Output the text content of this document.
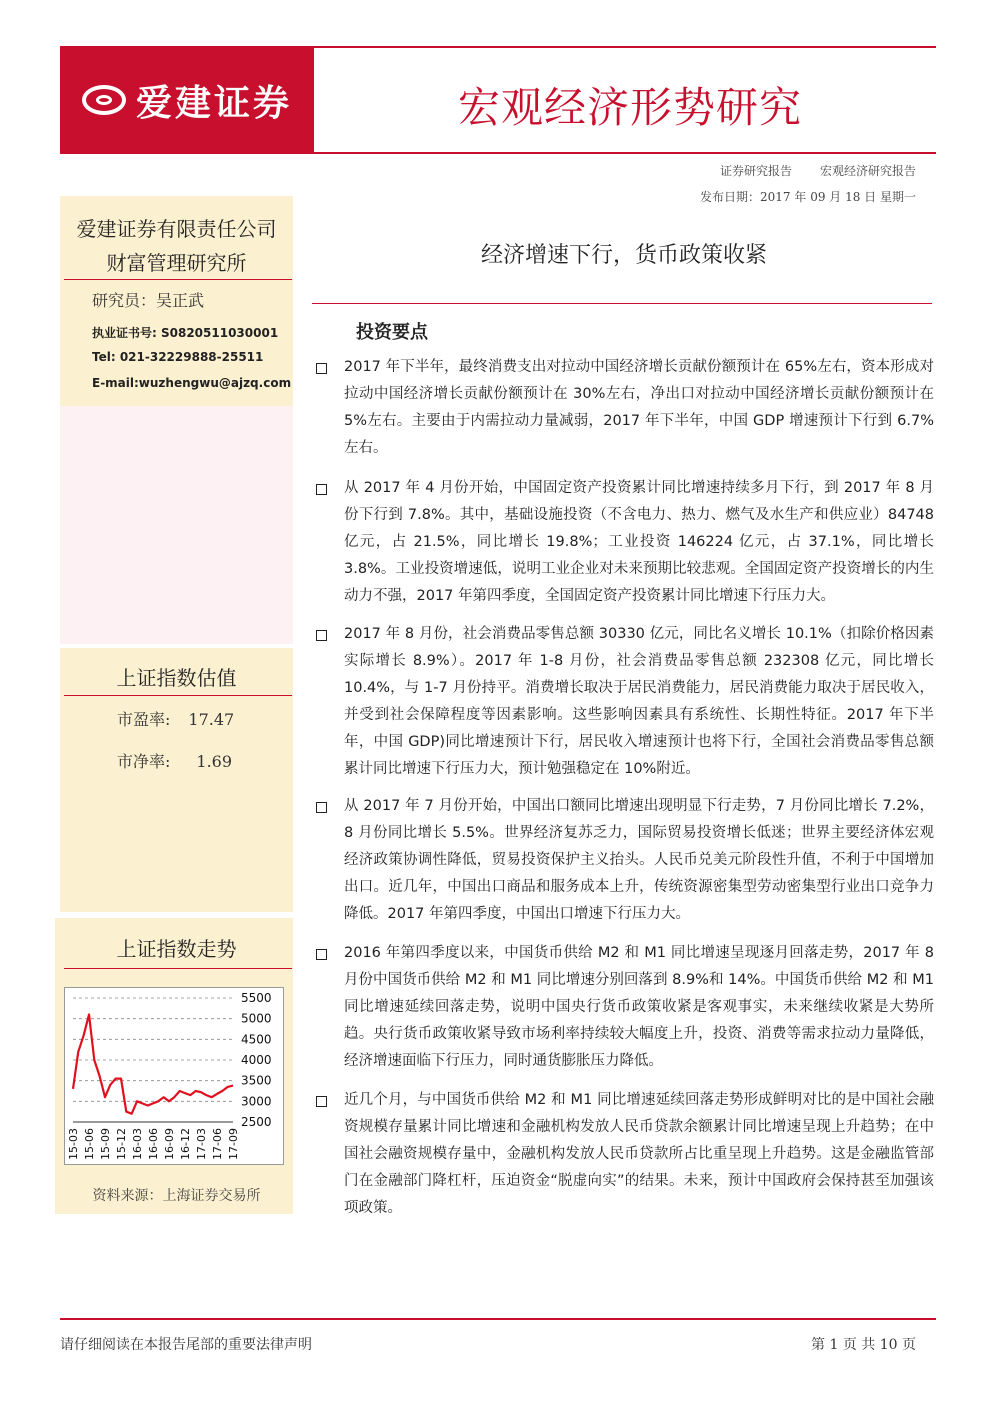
爱建证券	宏观经济形势研究
证券研究报告 宏观经济研究报告
发布日期：2017 年 09 月 18 日 星期一
爱建证券有限责任公司
财富管理研究所
研究员：吴正武
执业证书号: S0820511030001
Tel: 021-32229888-25511
E-mail:wuzhengwu@ajzq.com
上证指数估值
市盈率: 17.47
市净率: 1.69
上证指数走势
2500
3000
3500
4000
4500
5000
5500
15-03 15-06 15-09 15-12 16-03 16-06 16-09 16-12 17-03 17-06 17-09
资料来源：上海证券交易所
经济增速下行，货币政策收紧
投资要点
2017 年下半年，最终消费支出对拉动中国经济增长贡献份额预计在 65%左右，资本形成对拉动中国经济增长贡献份额预计在 30%左右，净出口对拉动中国经济增长贡献份额预计在 5%左右。主要由于内需拉动力量减弱，2017 年下半年，中国 GDP 增速预计下行到 6.7%左右。
从 2017 年 4 月份开始，中国固定资产投资累计同比增速持续多月下行，到 2017 年 8 月份下行到 7.8%。其中，基础设施投资（不含电力、热力、燃气及水生产和供应业）84748 亿元，占 21.5%，同比增长 19.8%；工业投资 146224 亿元，占 37.1%，同比增长 3.8%。工业投资增速低，说明工业企业对未来预期比较悲观。全国固定资产投资增长的内生动力不强，2017 年第四季度，全国固定资产投资累计同比增速下行压力大。
2017 年 8 月份，社会消费品零售总额 30330 亿元，同比名义增长 10.1%（扣除价格因素实际增长 8.9%）。2017 年 1-8 月份，社会消费品零售总额 232308 亿元，同比增长 10.4%，与 1-7 月份持平。消费增长取决于居民消费能力，居民消费能力取决于居民收入，并受到社会保障程度等因素影响。这些影响因素具有系统性、长期性特征。2017 年下半年，中国 GDP)同比增速预计下行，居民收入增速预计也将下行，全国社会消费品零售总额累计同比增速下行压力大，预计勉强稳定在 10%附近。
从 2017 年 7 月份开始，中国出口额同比增速出现明显下行走势，7 月份同比增长 7.2%，8 月份同比增长 5.5%。世界经济复苏乏力，国际贸易投资增长低迷；世界主要经济体宏观经济政策协调性降低，贸易投资保护主义抬头。人民币兑美元阶段性升值，不利于中国增加出口。近几年，中国出口商品和服务成本上升，传统资源密集型劳动密集型行业出口竞争力降低。2017 年第四季度，中国出口增速下行压力大。
2016 年第四季度以来，中国货币供给 M2 和 M1 同比增速呈现逐月回落走势，2017 年 8 月份中国货币供给 M2 和 M1 同比增速分别回落到 8.9%和 14%。中国货币供给 M2 和 M1 同比增速延续回落走势，说明中国央行货币政策收紧是客观事实，未来继续收紧是大势所趋。央行货币政策收紧导致市场利率持续较大幅度上升，投资、消费等需求拉动力量降低，经济增速面临下行压力，同时通货膨胀压力降低。
近几个月，与中国货币供给 M2 和 M1 同比增速延续回落走势形成鲜明对比的是中国社会融资规模存量累计同比增速和金融机构发放人民币贷款余额累计同比增速呈现上升趋势；在中国社会融资规模存量中，金融机构发放人民币贷款所占比重呈现上升趋势。这是金融监管部门在金融部门降杠杆，压迫资金“脱虚向实”的结果。未来，预计中国政府会保持甚至加强该项政策。
请仔细阅读在本报告尾部的重要法律声明	第 1 页 共 10 页
